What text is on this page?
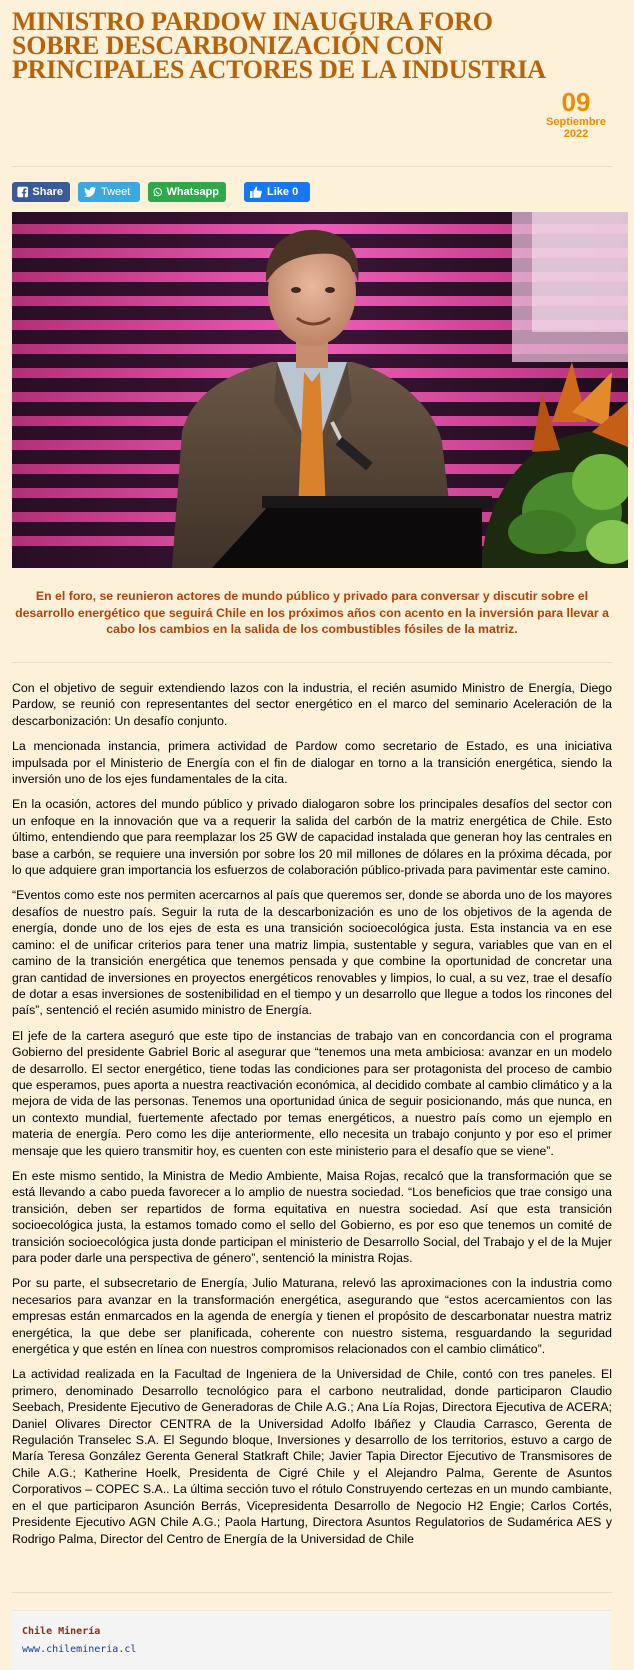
MINISTRO PARDOW INAUGURA FORO SOBRE DESCARBONIZACIÓN CON PRINCIPALES ACTORES DE LA INDUSTRIA
09
Septiembre
2022
Share	Tweet	Whatsapp	Like 0

En el foro, se reunieron actores de mundo público y privado para conversar y discutir sobre el desarrollo energético que seguirá Chile en los próximos años con acento en la inversión para llevar a cabo los cambios en la salida de los combustibles fósiles de la matriz.

Con el objetivo de seguir extendiendo lazos con la industria, el recién asumido Ministro de Energía, Diego Pardow, se reunió con representantes del sector energético en el marco del seminario Aceleración de la descarbonización: Un desafío conjunto.

La mencionada instancia, primera actividad de Pardow como secretario de Estado, es una iniciativa impulsada por el Ministerio de Energía con el fin de dialogar en torno a la transición energética, siendo la inversión uno de los ejes fundamentales de la cita.

En la ocasión, actores del mundo público y privado dialogaron sobre los principales desafíos del sector con un enfoque en la innovación que va a requerir la salida del carbón de la matriz energética de Chile. Esto último, entendiendo que para reemplazar los 25 GW de capacidad instalada que generan hoy las centrales en base a carbón, se requiere una inversión por sobre los 20 mil millones de dólares en la próxima década, por lo que adquiere gran importancia los esfuerzos de colaboración público-privada para pavimentar este camino.

“Eventos como este nos permiten acercarnos al país que queremos ser, donde se aborda uno de los mayores desafíos de nuestro país. Seguir la ruta de la descarbonización es uno de los objetivos de la agenda de energía, donde uno de los ejes de esta es una transición socioecológica justa. Esta instancia va en ese camino: el de unificar criterios para tener una matriz limpia, sustentable y segura, variables que van en el camino de la transición energética que tenemos pensada y que combine la oportunidad de concretar una gran cantidad de inversiones en proyectos energéticos renovables y limpios, lo cual, a su vez, trae el desafío de dotar a esas inversiones de sostenibilidad en el tiempo y un desarrollo que llegue a todos los rincones del país”, sentenció el recién asumido ministro de Energía.

El jefe de la cartera aseguró que este tipo de instancias de trabajo van en concordancia con el programa Gobierno del presidente Gabriel Boric al asegurar que “tenemos una meta ambiciosa: avanzar en un modelo de desarrollo. El sector energético, tiene todas las condiciones para ser protagonista del proceso de cambio que esperamos, pues aporta a nuestra reactivación económica, al decidido combate al cambio climático y a la mejora de vida de las personas. Tenemos una oportunidad única de seguir posicionando, más que nunca, en un contexto mundial, fuertemente afectado por temas energéticos, a nuestro país como un ejemplo en materia de energía. Pero como les dije anteriormente, ello necesita un trabajo conjunto y por eso el primer mensaje que les quiero transmitir hoy, es cuenten con este ministerio para el desafío que se viene”.

En este mismo sentido, la Ministra de Medio Ambiente, Maisa Rojas, recalcó que la transformación que se está llevando a cabo pueda favorecer a lo amplio de nuestra sociedad. “Los beneficios que trae consigo una transición, deben ser repartidos de forma equitativa en nuestra sociedad. Así que esta transición socioecológica justa, la estamos tomado como el sello del Gobierno, es por eso que tenemos un comité de transición socioecológica justa donde participan el ministerio de Desarrollo Social, del Trabajo y el de la Mujer para poder darle una perspectiva de género”, sentenció la ministra Rojas.

Por su parte, el subsecretario de Energía, Julio Maturana, relevó las aproximaciones con la industria como necesarios para avanzar en la transformación energética, asegurando que “estos acercamientos con las empresas están enmarcados en la agenda de energía y tienen el propósito de descarbonatar nuestra matriz energética, la que debe ser planificada, coherente con nuestro sistema, resguardando la seguridad energética y que estén en línea con nuestros compromisos relacionados con el cambio climático”.

La actividad realizada en la Facultad de Ingeniera de la Universidad de Chile, contó con tres paneles. El primero, denominado Desarrollo tecnológico para el carbono neutralidad, donde participaron Claudio Seebach, Presidente Ejecutivo de Generadoras de Chile A.G.; Ana Lía Rojas, Directora Ejecutiva de ACERA; Daniel Olivares Director CENTRA de la Universidad Adolfo Ibáñez y Claudia Carrasco, Gerenta de Regulación Transelec S.A. El Segundo bloque, Inversiones y desarrollo de los territorios, estuvo a cargo de María Teresa González Gerenta General Statkraft Chile; Javier Tapia Director Ejecutivo de Transmisores de Chile A.G.; Katherine Hoelk, Presidenta de Cigré Chile y el Alejandro Palma, Gerente de Asuntos Corporativos – COPEC S.A.. La última sección tuvo el rótulo Construyendo certezas en un mundo cambiante, en el que participaron Asunción Berrás, Vicepresidenta Desarrollo de Negocio H2 Engie; Carlos Cortés, Presidente Ejecutivo AGN Chile A.G.; Paola Hartung, Directora Asuntos Regulatorios de Sudamérica AES y Rodrigo Palma, Director del Centro de Energía de la Universidad de Chile

Chile Minería
www.chilemineria.cl
